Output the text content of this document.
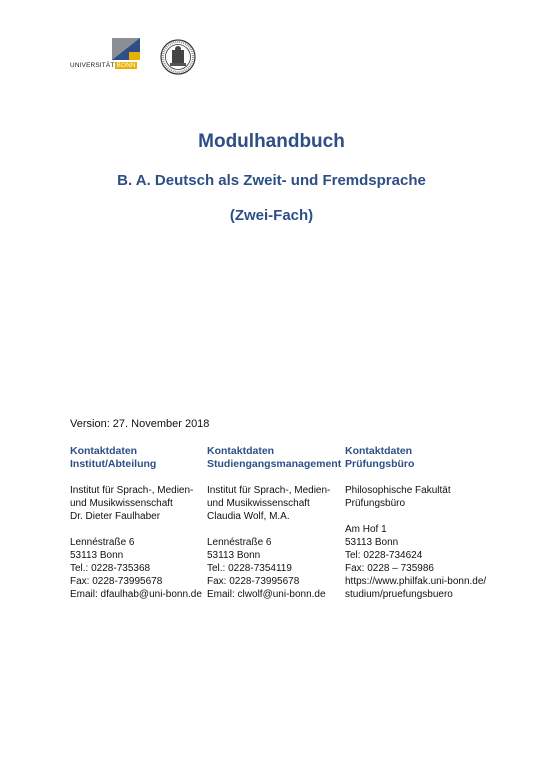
UNIVERSITÄT BONN
Modulhandbuch
B. A. Deutsch als Zweit- und Fremdsprache
(Zwei-Fach)
Version: 27. November 2018
Kontaktdaten
Institut/Abteilung
Institut für Sprach-, Medien-
und Musikwissenschaft
Dr. Dieter Faulhaber
Lennéstraße 6
53113 Bonn
Tel.: 0228-735368
Fax: 0228-73995678
Email: dfaulhab@uni-bonn.de
Kontaktdaten
Studiengangsmanagement
Institut für Sprach-, Medien-
und Musikwissenschaft
Claudia Wolf, M.A.
Lennéstraße 6
53113 Bonn
Tel.: 0228-7354119
Fax: 0228-73995678
Email: clwolf@uni-bonn.de
Kontaktdaten
Prüfungsbüro
Philosophische Fakultät
Prüfungsbüro
Am Hof 1
53113 Bonn
Tel: 0228-734624
Fax: 0228 – 735986
https://www.philfak.uni-bonn.de/
studium/pruefungsbuero
